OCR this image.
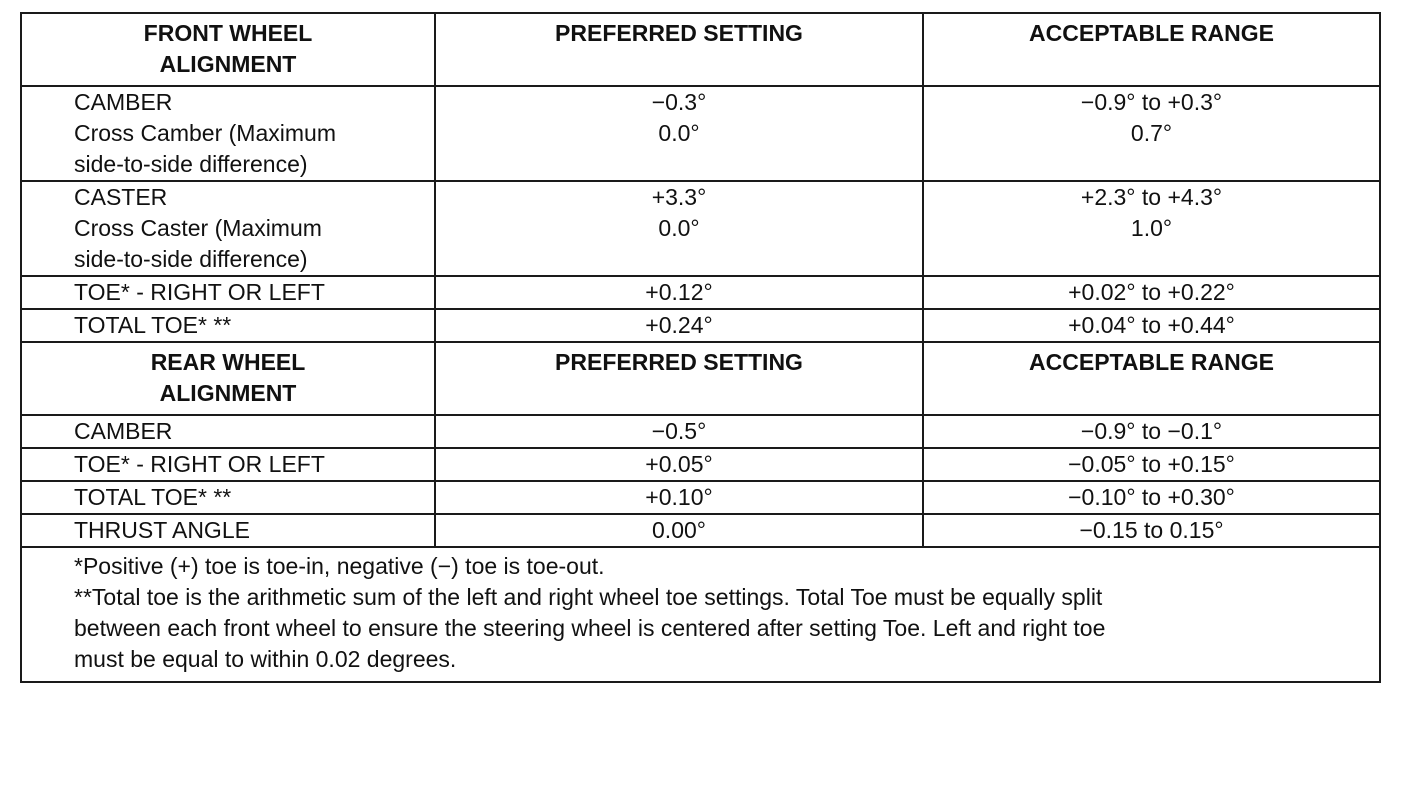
FRONT WHEEL
ALIGNMENT	PREFERRED SETTING	ACCEPTABLE RANGE
CAMBER	−0.3°	−0.9° to +0.3°
Cross Camber (Maximum
side-to-side difference)	0.0°	0.7°
CASTER	+3.3°	+2.3° to +4.3°
Cross Caster (Maximum
side-to-side difference)	0.0°	1.0°
TOE* - RIGHT OR LEFT	+0.12°	+0.02° to +0.22°
TOTAL TOE* **	+0.24°	+0.04° to +0.44°
REAR WHEEL
ALIGNMENT	PREFERRED SETTING	ACCEPTABLE RANGE
CAMBER	−0.5°	−0.9° to −0.1°
TOE* - RIGHT OR LEFT	+0.05°	−0.05° to +0.15°
TOTAL TOE* **	+0.10°	−0.10° to +0.30°
THRUST ANGLE	0.00°	−0.15 to 0.15°

*Positive (+) toe is toe-in, negative (−) toe is toe-out.

**Total toe is the arithmetic sum of the left and right wheel toe settings. Total Toe must be equally split
between each front wheel to ensure the steering wheel is centered after setting Toe. Left and right toe
must be equal to within 0.02 degrees.		
